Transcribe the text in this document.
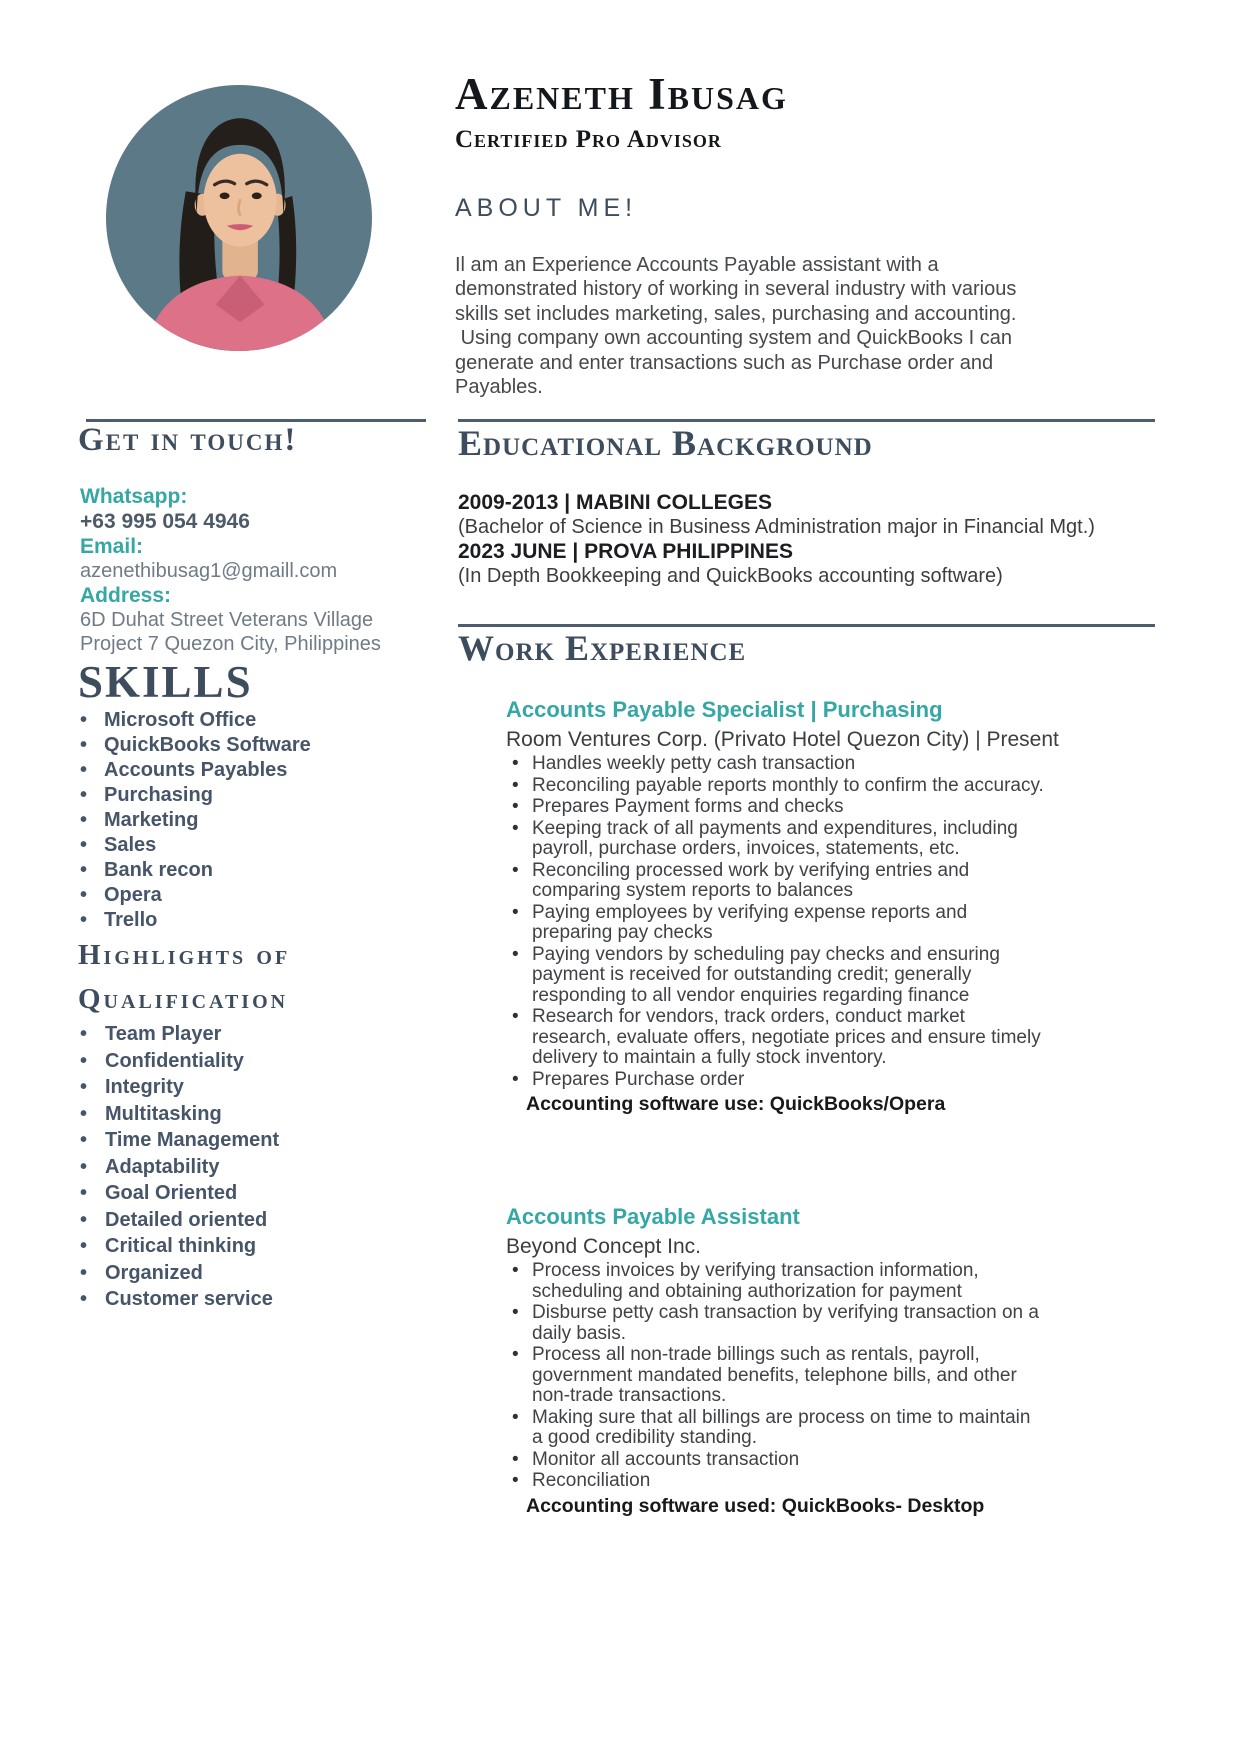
Azeneth Ibusag
Certified Pro Advisor
ABOUT ME!
Il am an Experience Accounts Payable assistant with a
demonstrated history of working in several industry with various
skills set includes marketing, sales, purchasing and accounting.
Using company own accounting system and QuickBooks I can
generate and enter transactions such as Purchase order and
Payables.
Get in touch!
Whatsapp:
+63 995 054 4946
Email:
azenethibusag1@gmaill.com
Address:
6D Duhat Street Veterans Village
Project 7 Quezon City, Philippines
SKILLS
• Microsoft Office
• QuickBooks Software
• Accounts Payables
• Purchasing
• Marketing
• Sales
• Bank recon
• Opera
• Trello
Highlights of Qualification
• Team Player
• Confidentiality
• Integrity
• Multitasking
• Time Management
• Adaptability
• Goal Oriented
• Detailed oriented
• Critical thinking
• Organized
• Customer service
Educational Background
2009-2013 | MABINI COLLEGES
(Bachelor of Science in Business Administration major in Financial Mgt.)
2023 JUNE | PROVA PHILIPPINES
(In Depth Bookkeeping and QuickBooks accounting software)
Work Experience
Accounts Payable Specialist | Purchasing
Room Ventures Corp. (Privato Hotel Quezon City) | Present
• Handles weekly petty cash transaction
• Reconciling payable reports monthly to confirm the accuracy.
• Prepares Payment forms and checks
• Keeping track of all payments and expenditures, including payroll, purchase orders, invoices, statements, etc.
• Reconciling processed work by verifying entries and comparing system reports to balances
• Paying employees by verifying expense reports and preparing pay checks
• Paying vendors by scheduling pay checks and ensuring payment is received for outstanding credit; generally responding to all vendor enquiries regarding finance
• Research for vendors, track orders, conduct market research, evaluate offers, negotiate prices and ensure timely delivery to maintain a fully stock inventory.
• Prepares Purchase order
Accounting software use: QuickBooks/Opera
Accounts Payable Assistant
Beyond Concept Inc.
• Process invoices by verifying transaction information, scheduling and obtaining authorization for payment
• Disburse petty cash transaction by verifying transaction on a daily basis.
• Process all non-trade billings such as rentals, payroll, government mandated benefits, telephone bills, and other non-trade transactions.
• Making sure that all billings are process on time to maintain a good credibility standing.
• Monitor all accounts transaction
• Reconciliation
Accounting software used: QuickBooks- Desktop
